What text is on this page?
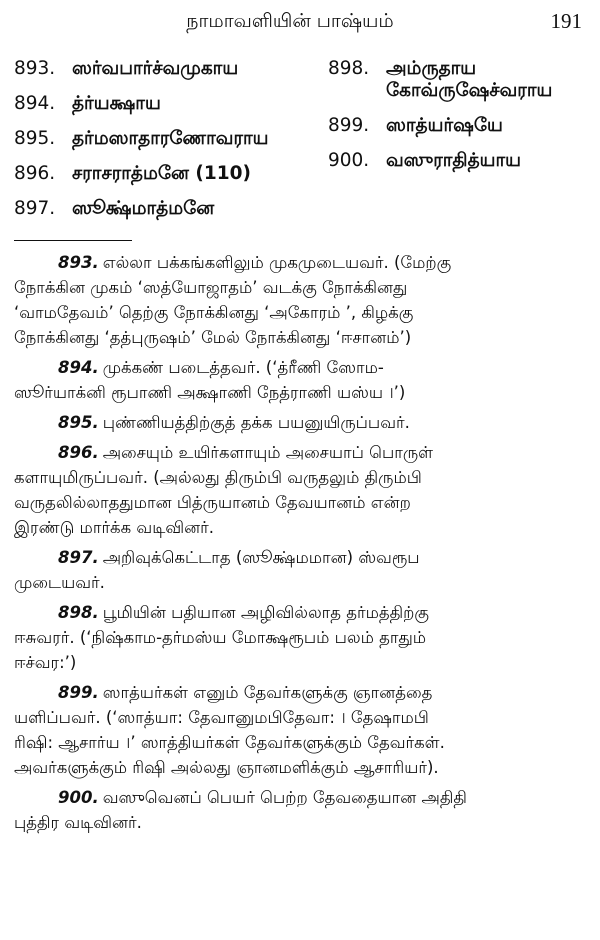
நாமாவளியின் பாஷ்யம்	191
893. ஸர்வபார்ச்வமுகாய
894. த்ர்யக்ஷாய
895. தர்மஸாதாரணோவராய
896. சராசராத்மனே (110)
897. ஸூக்ஷ்மாத்மனே
898. அம்ருதாய
கோவ்ருஷேச்வராய
899. ஸாத்யர்ஷயே
900. வஸுராதித்யாய
893. எல்லா பக்கங்களிலும் முகமுடையவர். (மேற்கு
நோக்கின முகம் ‘ஸத்யோஜாதம்’ வடக்கு நோக்கினது
‘வாமதேவம்’ தெற்கு நோக்கினது ‘அகோரம் ’, கிழக்கு
நோக்கினது ‘தத்புருஷம்’ மேல் நோக்கினது ‘ஈசானம்’)
894. முக்கண் படைத்தவர். (‘த்ரீணி ஸோம-
ஸூர்யாக்னி ரூபாணி அக்ஷாணி நேத்ராணி யஸ்ய ।’)
895. புண்ணியத்திற்குத் தக்க பயனுயிருப்பவர்.
896. அசையும் உயிர்களாயும் அசையாப் பொருள்
களாயுமிருப்பவர். (அல்லது திரும்பி வருதலும் திரும்பி
வருதலில்லாததுமான பித்ருயானம் தேவயானம் என்ற
இரண்டு மார்க்க வடிவினர்.
897. அறிவுக்கெட்டாத (ஸூக்ஷ்மமான) ஸ்வரூப
முடையவர்.
898. பூமியின் பதியான அழிவில்லாத தர்மத்திற்கு
ஈசுவரர். (‘நிஷ்காம-தர்மஸ்ய மோக்ஷரூபம் பலம் தாதும்
ஈச்வர:’)
899. ஸாத்யர்கள் எனும் தேவர்களுக்கு ஞானத்தை
யளிப்பவர். (‘ஸாத்யா: தேவானுமபிதேவா: । தேஷாமபி
ரிஷி: ஆசார்ய ।’ ஸாத்தியர்கள் தேவர்களுக்கும் தேவர்கள்.
அவர்களுக்கும் ரிஷி அல்லது ஞானமளிக்கும் ஆசாரியர்).
900. வஸுவெனப் பெயர் பெற்ற தேவதையான அதிதி
புத்திர வடிவினர்.
